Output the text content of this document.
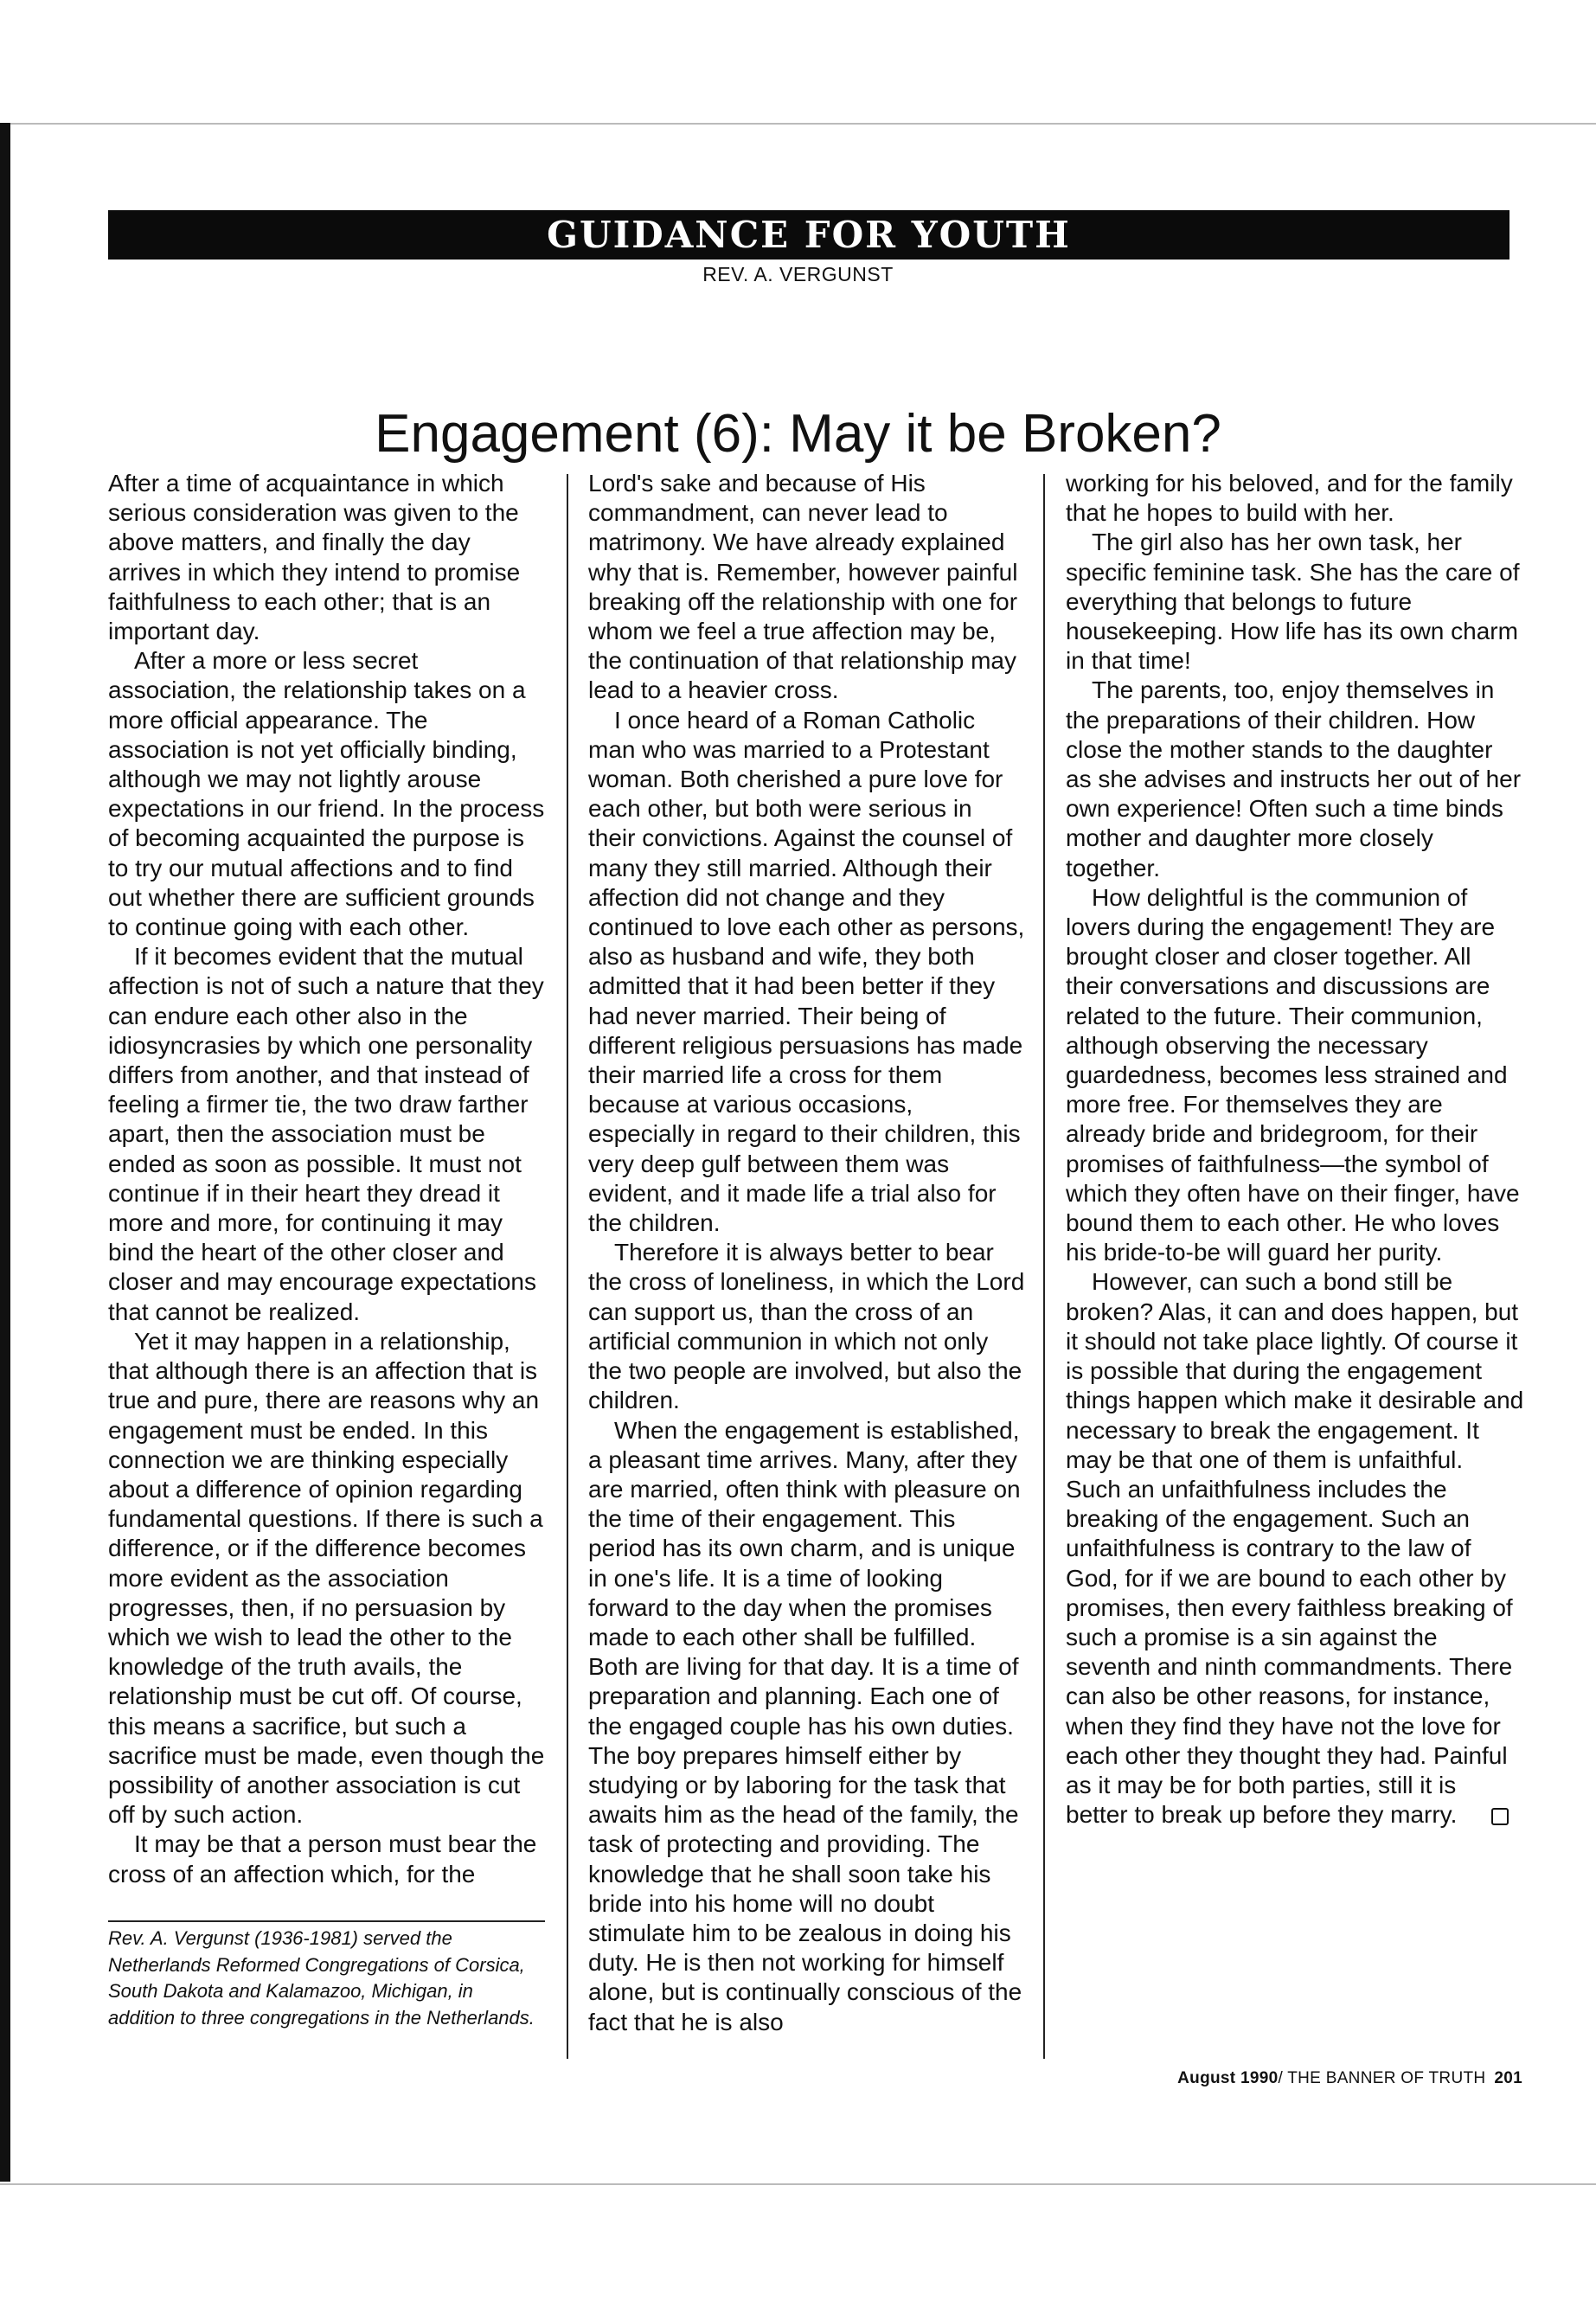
GUIDANCE FOR YOUTH
REV. A. VERGUNST
Engagement (6): May it be Broken?

After a time of acquaintance in which serious consideration was given to the above matters, and finally the day arrives in which they intend to promise faithfulness to each other; that is an important day.

After a more or less secret association, the relationship takes on a more official appearance. The association is not yet officially binding, although we may not lightly arouse expectations in our friend. In the process of becoming acquainted the purpose is to try our mutual affections and to find out whether there are sufficient grounds to continue going with each other.

If it becomes evident that the mutual affection is not of such a nature that they can endure each other also in the idiosyncrasies by which one personality differs from another, and that instead of feeling a firmer tie, the two draw farther apart, then the association must be ended as soon as possible. It must not continue if in their heart they dread it more and more, for continuing it may bind the heart of the other closer and closer and may encourage expectations that cannot be realized.

Yet it may happen in a relationship, that although there is an affection that is true and pure, there are reasons why an engagement must be ended. In this connection we are thinking especially about a difference of opinion regarding fundamental questions. If there is such a difference, or if the difference becomes more evident as the association progresses, then, if no persuasion by which we wish to lead the other to the knowledge of the truth avails, the relationship must be cut off. Of course, this means a sacrifice, but such a sacrifice must be made, even though the possibility of another association is cut off by such action.

It may be that a person must bear the cross of an affection which, for the

Lord's sake and because of His commandment, can never lead to matrimony. We have already explained why that is. Remember, however painful breaking off the relationship with one for whom we feel a true affection may be, the continuation of that relationship may lead to a heavier cross.

I once heard of a Roman Catholic man who was married to a Protestant woman. Both cherished a pure love for each other, but both were serious in their convictions. Against the counsel of many they still married. Although their affection did not change and they continued to love each other as persons, also as husband and wife, they both admitted that it had been better if they had never married. Their being of different religious persuasions has made their married life a cross for them because at various occasions, especially in regard to their children, this very deep gulf between them was evident, and it made life a trial also for the children.

Therefore it is always better to bear the cross of loneliness, in which the Lord can support us, than the cross of an artificial communion in which not only the two people are involved, but also the children.

When the engagement is established, a pleasant time arrives. Many, after they are married, often think with pleasure on the time of their engagement. This period has its own charm, and is unique in one's life. It is a time of looking forward to the day when the promises made to each other shall be fulfilled. Both are living for that day. It is a time of preparation and planning. Each one of the engaged couple has his own duties. The boy prepares himself either by studying or by laboring for the task that awaits him as the head of the family, the task of protecting and providing. The knowledge that he shall soon take his bride into his home will no doubt stimulate him to be zealous in doing his duty. He is then not working for himself alone, but is continually conscious of the fact that he is also

working for his beloved, and for the family that he hopes to build with her.

The girl also has her own task, her specific feminine task. She has the care of everything that belongs to future housekeeping. How life has its own charm in that time!

The parents, too, enjoy themselves in the preparations of their children. How close the mother stands to the daughter as she advises and instructs her out of her own experience! Often such a time binds mother and daughter more closely together.

How delightful is the communion of lovers during the engagement! They are brought closer and closer together. All their conversations and discussions are related to the future. Their communion, although observing the necessary guardedness, becomes less strained and more free. For themselves they are already bride and bridegroom, for their promises of faithfulness—the symbol of which they often have on their finger, have bound them to each other. He who loves his bride-to-be will guard her purity.

However, can such a bond still be broken? Alas, it can and does happen, but it should not take place lightly. Of course it is possible that during the engagement things happen which make it desirable and necessary to break the engagement. It may be that one of them is unfaithful. Such an unfaithfulness includes the breaking of the engagement. Such an unfaithfulness is contrary to the law of God, for if we are bound to each other by promises, then every faithless breaking of such a promise is a sin against the seventh and ninth commandments. There can also be other reasons, for instance, when they find they have not the love for each other they thought they had. Painful as it may be for both parties, still it is better to break up before they marry.

Rev. A. Vergunst (1936-1981) served the Netherlands Reformed Congregations of Corsica, South Dakota and Kalamazoo, Michigan, in addition to three congregations in the Netherlands.
August 1990/ THE BANNER OF TRUTH 201
